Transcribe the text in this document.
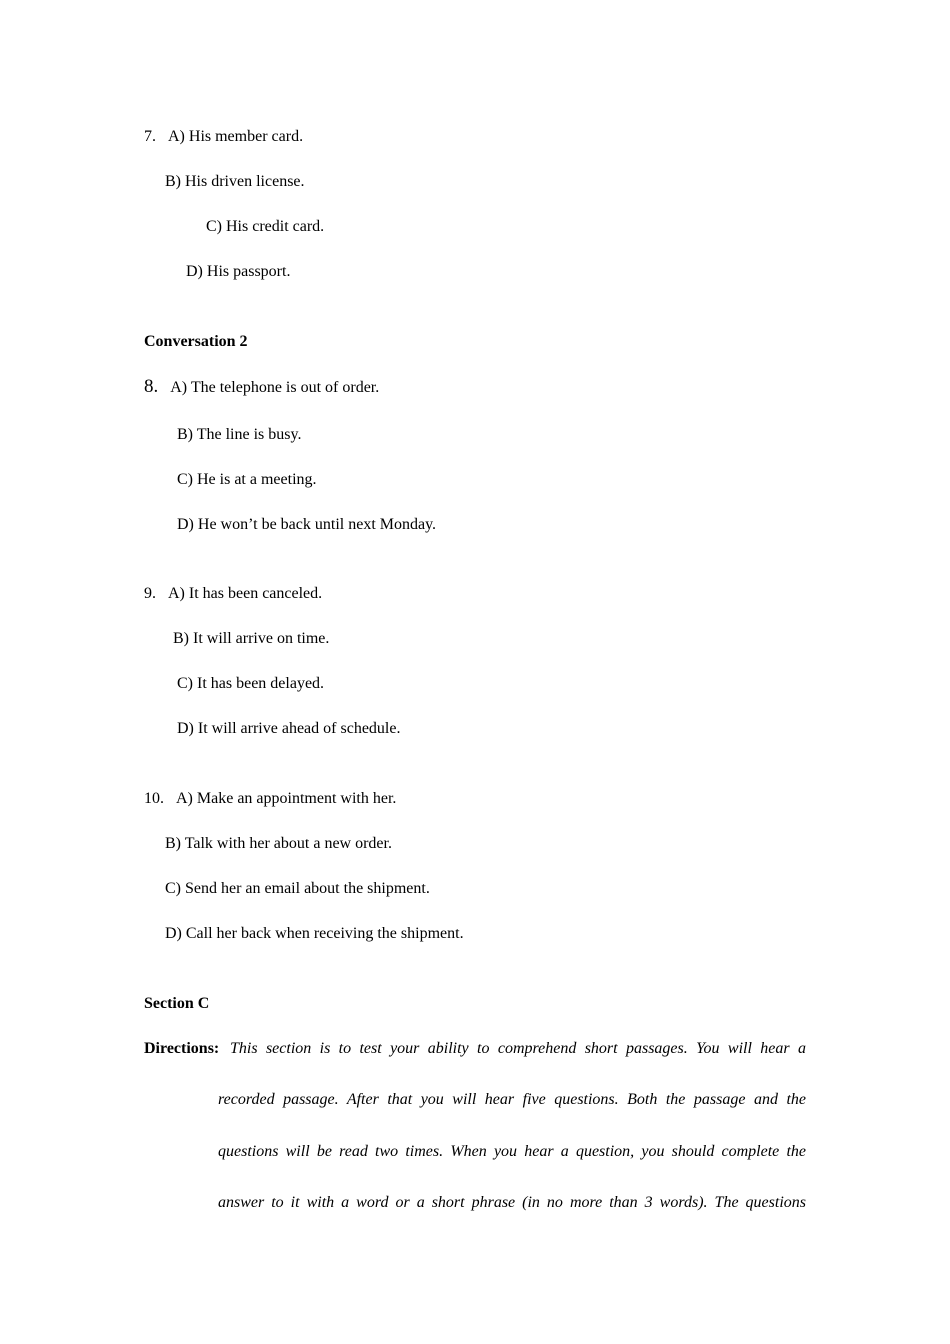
7. A) His member card.
B) His driven license.
C) His credit card.
D) His passport.
Conversation 2
8. A) The telephone is out of order.
B) The line is busy.
C) He is at a meeting.
D) He won’t be back until next Monday.
9. A) It has been canceled.
B) It will arrive on time.
C) It has been delayed.
D) It will arrive ahead of schedule.
10. A) Make an appointment with her.
B) Talk with her about a new order.
C) Send her an email about the shipment.
D) Call her back when receiving the shipment.
Section C
Directions: This section is to test your ability to comprehend short passages. You will hear a
recorded passage. After that you will hear five questions. Both the passage and the
questions will be read two times. When you hear a question, you should complete the
answer to it with a word or a short phrase (in no more than 3 words). The questions
